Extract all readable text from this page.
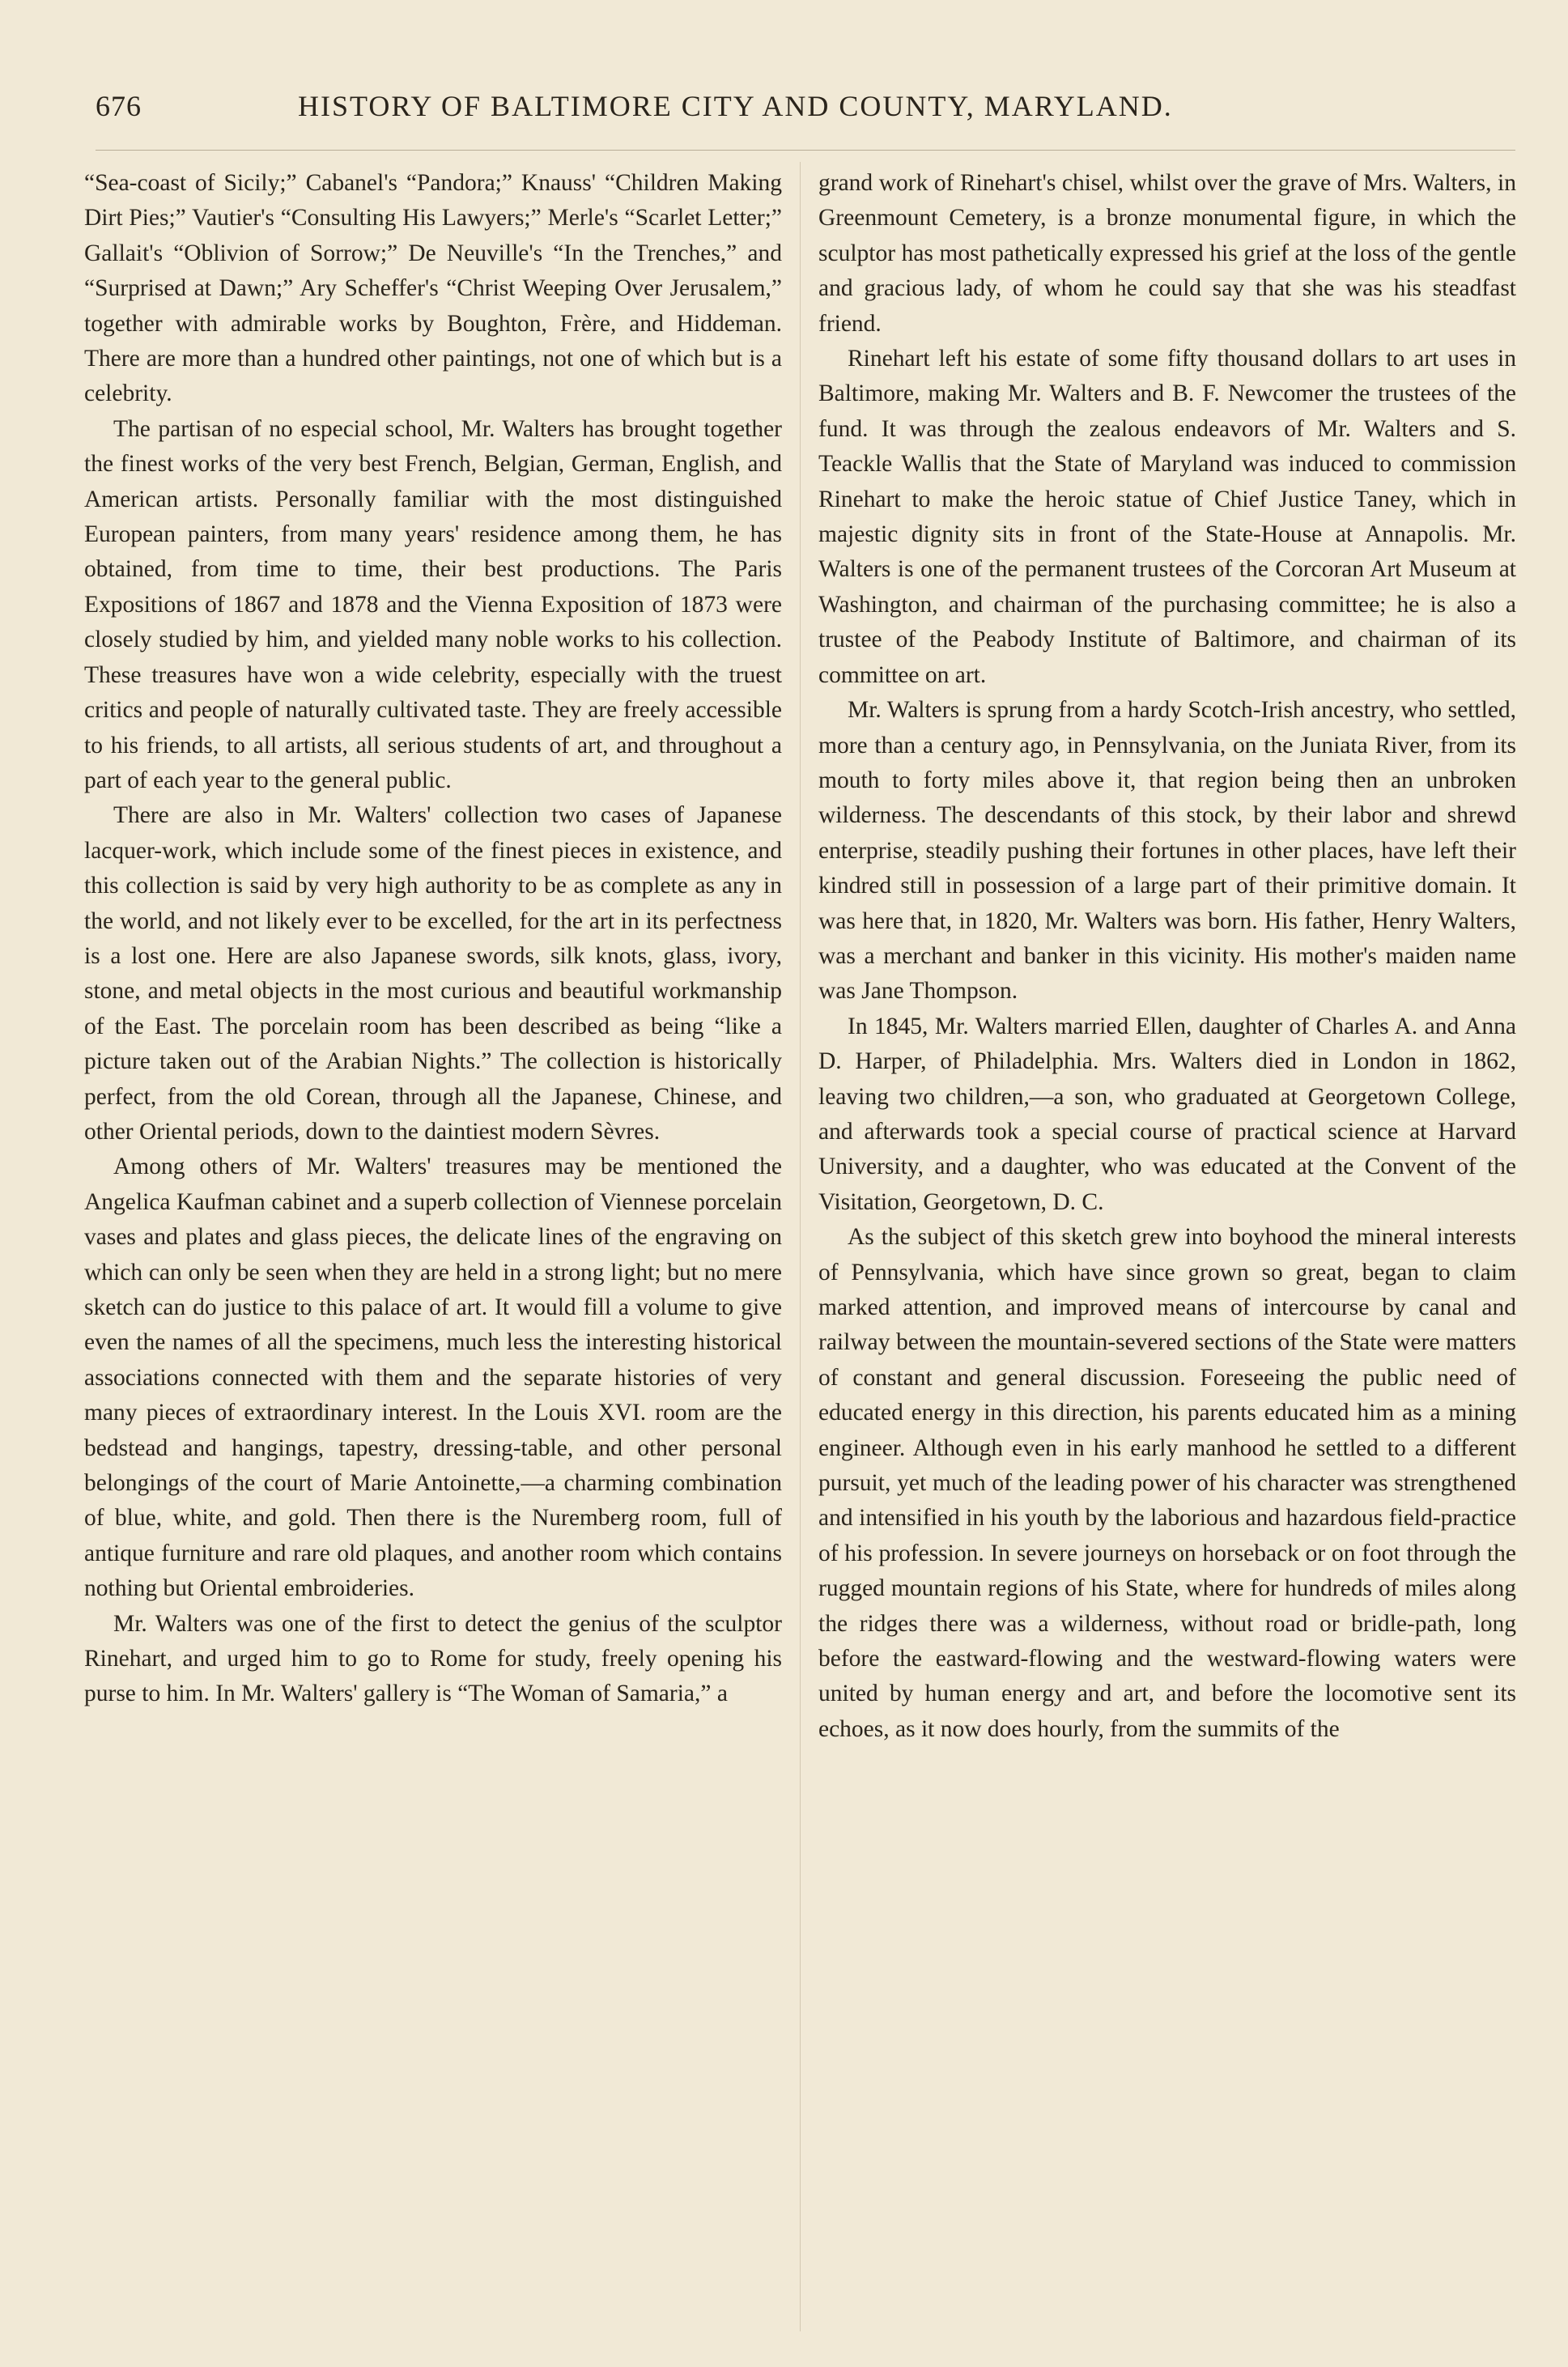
676	HISTORY OF BALTIMORE CITY AND COUNTY, MARYLAND.

“Sea-coast of Sicily;” Cabanel's “Pandora;” Knauss' “Children Making Dirt Pies;” Vautier's “Consulting His Lawyers;” Merle's “Scarlet Letter;” Gallait's “Oblivion of Sorrow;” De Neuville's “In the Trenches,” and “Surprised at Dawn;” Ary Scheffer's “Christ Weeping Over Jerusalem,” together with admirable works by Boughton, Frère, and Hiddeman. There are more than a hundred other paintings, not one of which but is a celebrity.

The partisan of no especial school, Mr. Walters has brought together the finest works of the very best French, Belgian, German, English, and American artists. Personally familiar with the most distinguished European painters, from many years' residence among them, he has obtained, from time to time, their best productions. The Paris Expositions of 1867 and 1878 and the Vienna Exposition of 1873 were closely studied by him, and yielded many noble works to his collection. These treasures have won a wide celebrity, especially with the truest critics and people of naturally cultivated taste. They are freely accessible to his friends, to all artists, all serious students of art, and throughout a part of each year to the general public.

There are also in Mr. Walters' collection two cases of Japanese lacquer-work, which include some of the finest pieces in existence, and this collection is said by very high authority to be as complete as any in the world, and not likely ever to be excelled, for the art in its perfectness is a lost one. Here are also Japanese swords, silk knots, glass, ivory, stone, and metal objects in the most curious and beautiful workmanship of the East. The porcelain room has been described as being “like a picture taken out of the Arabian Nights.” The collection is historically perfect, from the old Corean, through all the Japanese, Chinese, and other Oriental periods, down to the daintiest modern Sèvres.

Among others of Mr. Walters' treasures may be mentioned the Angelica Kaufman cabinet and a superb collection of Viennese porcelain vases and plates and glass pieces, the delicate lines of the engraving on which can only be seen when they are held in a strong light; but no mere sketch can do justice to this palace of art. It would fill a volume to give even the names of all the specimens, much less the interesting historical associations connected with them and the separate histories of very many pieces of extraordinary interest. In the Louis XVI. room are the bedstead and hangings, tapestry, dressing-table, and other personal belongings of the court of Marie Antoinette,—a charming combination of blue, white, and gold. Then there is the Nuremberg room, full of antique furniture and rare old plaques, and another room which contains nothing but Oriental embroideries.

Mr. Walters was one of the first to detect the genius of the sculptor Rinehart, and urged him to go to Rome for study, freely opening his purse to him. In Mr. Walters' gallery is “The Woman of Samaria,” a

grand work of Rinehart's chisel, whilst over the grave of Mrs. Walters, in Greenmount Cemetery, is a bronze monumental figure, in which the sculptor has most pathetically expressed his grief at the loss of the gentle and gracious lady, of whom he could say that she was his steadfast friend.

Rinehart left his estate of some fifty thousand dollars to art uses in Baltimore, making Mr. Walters and B. F. Newcomer the trustees of the fund. It was through the zealous endeavors of Mr. Walters and S. Teackle Wallis that the State of Maryland was induced to commission Rinehart to make the heroic statue of Chief Justice Taney, which in majestic dignity sits in front of the State-House at Annapolis. Mr. Walters is one of the permanent trustees of the Corcoran Art Museum at Washington, and chairman of the purchasing committee; he is also a trustee of the Peabody Institute of Baltimore, and chairman of its committee on art.

Mr. Walters is sprung from a hardy Scotch-Irish ancestry, who settled, more than a century ago, in Pennsylvania, on the Juniata River, from its mouth to forty miles above it, that region being then an unbroken wilderness. The descendants of this stock, by their labor and shrewd enterprise, steadily pushing their fortunes in other places, have left their kindred still in possession of a large part of their primitive domain. It was here that, in 1820, Mr. Walters was born. His father, Henry Walters, was a merchant and banker in this vicinity. His mother's maiden name was Jane Thompson.

In 1845, Mr. Walters married Ellen, daughter of Charles A. and Anna D. Harper, of Philadelphia. Mrs. Walters died in London in 1862, leaving two children,—a son, who graduated at Georgetown College, and afterwards took a special course of practical science at Harvard University, and a daughter, who was educated at the Convent of the Visitation, Georgetown, D. C.

As the subject of this sketch grew into boyhood the mineral interests of Pennsylvania, which have since grown so great, began to claim marked attention, and improved means of intercourse by canal and railway between the mountain-severed sections of the State were matters of constant and general discussion. Foreseeing the public need of educated energy in this direction, his parents educated him as a mining engineer. Although even in his early manhood he settled to a different pursuit, yet much of the leading power of his character was strengthened and intensified in his youth by the laborious and hazardous field-practice of his profession. In severe journeys on horseback or on foot through the rugged mountain regions of his State, where for hundreds of miles along the ridges there was a wilderness, without road or bridle-path, long before the eastward-flowing and the westward-flowing waters were united by human energy and art, and before the locomotive sent its echoes, as it now does hourly, from the summits of the
